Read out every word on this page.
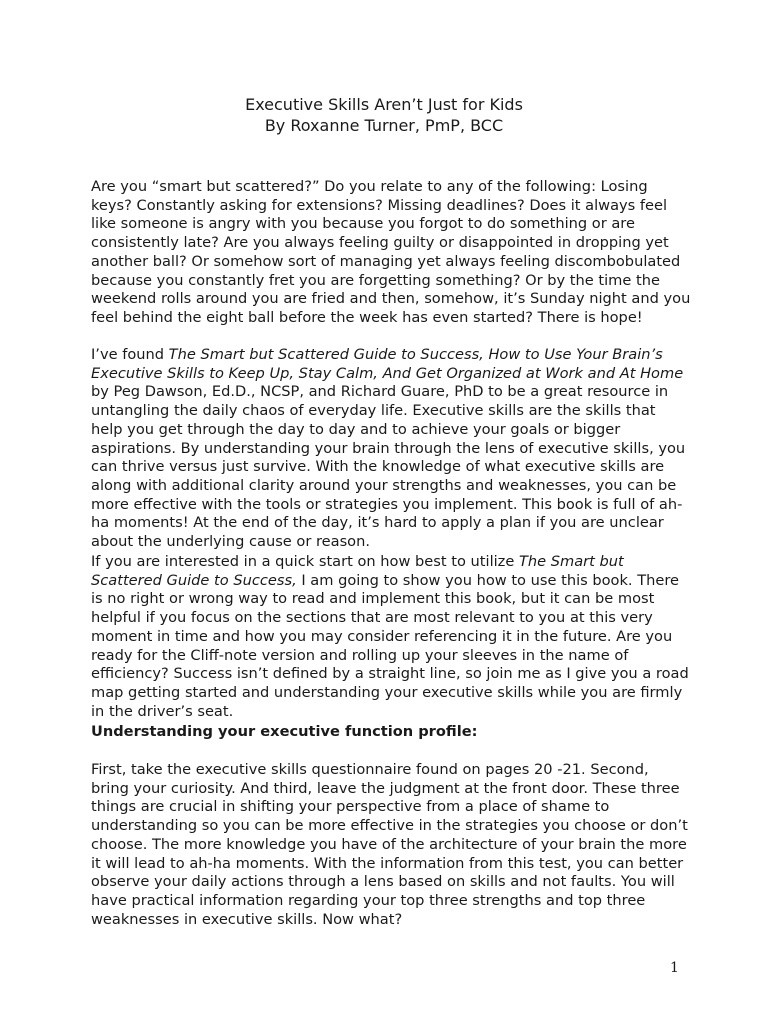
Executive Skills Aren’t Just for Kids
By Roxanne Turner, PmP, BCC

Are you “smart but scattered?” Do you relate to any of the following: Losing keys? Constantly asking for extensions? Missing deadlines? Does it always feel like someone is angry with you because you forgot to do something or are consistently late? Are you always feeling guilty or disappointed in dropping yet another ball? Or somehow sort of managing yet always feeling discombobulated because you constantly fret you are forgetting something? Or by the time the weekend rolls around you are fried and then, somehow, it’s Sunday night and you feel behind the eight ball before the week has even started? There is hope!

I’ve found The Smart but Scattered Guide to Success, How to Use Your Brain’s Executive Skills to Keep Up, Stay Calm, And Get Organized at Work and At Home by Peg Dawson, Ed.D., NCSP, and Richard Guare, PhD to be a great resource in untangling the daily chaos of everyday life. Executive skills are the skills that help you get through the day to day and to achieve your goals or bigger aspirations. By understanding your brain through the lens of executive skills, you can thrive versus just survive. With the knowledge of what executive skills are along with additional clarity around your strengths and weaknesses, you can be more effective with the tools or strategies you implement. This book is full of ah-ha moments! At the end of the day, it’s hard to apply a plan if you are unclear about the underlying cause or reason.

If you are interested in a quick start on how best to utilize The Smart but Scattered Guide to Success, I am going to show you how to use this book. There is no right or wrong way to read and implement this book, but it can be most helpful if you focus on the sections that are most relevant to you at this very moment in time and how you may consider referencing it in the future. Are you ready for the Cliff-note version and rolling up your sleeves in the name of efficiency? Success isn’t defined by a straight line, so join me as I give you a road map getting started and understanding your executive skills while you are firmly in the driver’s seat.

Understanding your executive function profile:

First, take the executive skills questionnaire found on pages 20 -21. Second, bring your curiosity. And third, leave the judgment at the front door. These three things are crucial in shifting your perspective from a place of shame to understanding so you can be more effective in the strategies you choose or don’t choose. The more knowledge you have of the architecture of your brain the more it will lead to ah-ha moments. With the information from this test, you can better observe your daily actions through a lens based on skills and not faults. You will have practical information regarding your top three strengths and top three weaknesses in executive skills. Now what?

1
